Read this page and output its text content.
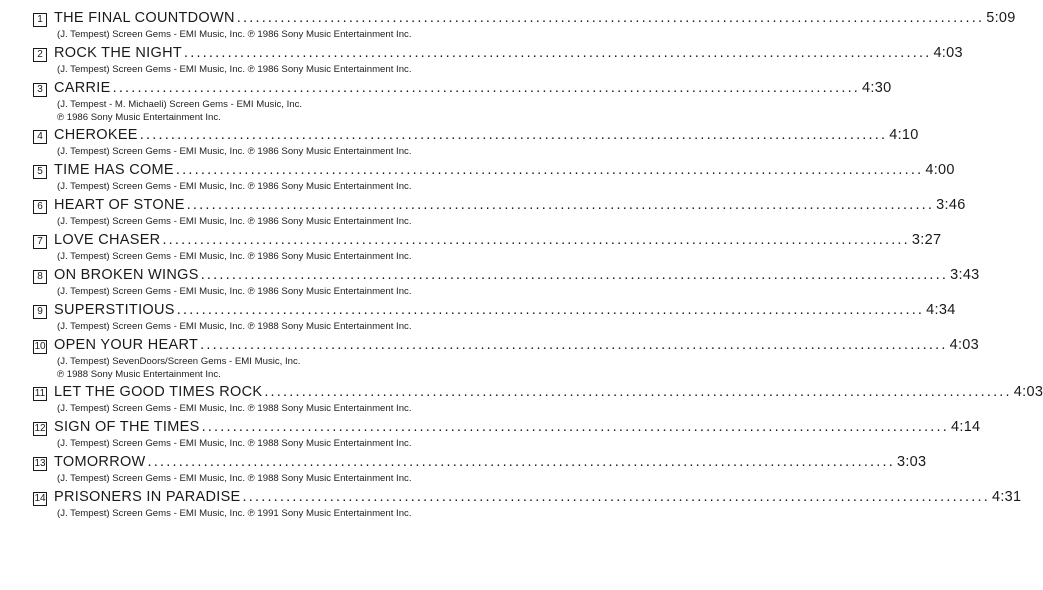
1 THE FINAL COUNTDOWN ........................................................................................................................ 5:09
(J. Tempest) Screen Gems - EMI Music, Inc. ℗ 1986 Sony Music Entertainment Inc.
2 ROCK THE NIGHT ........................................................................................................................ 4:03
(J. Tempest) Screen Gems - EMI Music, Inc. ℗ 1986 Sony Music Entertainment Inc.
3 CARRIE ........................................................................................................................ 4:30
(J. Tempest - M. Michaeli) Screen Gems - EMI Music, Inc.
℗ 1986 Sony Music Entertainment Inc.
4 CHEROKEE ........................................................................................................................ 4:10
(J. Tempest) Screen Gems - EMI Music, Inc. ℗ 1986 Sony Music Entertainment Inc.
5 TIME HAS COME ........................................................................................................................ 4:00
(J. Tempest) Screen Gems - EMI Music, Inc. ℗ 1986 Sony Music Entertainment Inc.
6 HEART OF STONE ........................................................................................................................ 3:46
(J. Tempest) Screen Gems - EMI Music, Inc. ℗ 1986 Sony Music Entertainment Inc.
7 LOVE CHASER ........................................................................................................................ 3:27
(J. Tempest) Screen Gems - EMI Music, Inc. ℗ 1986 Sony Music Entertainment Inc.
8 ON BROKEN WINGS ........................................................................................................................ 3:43
(J. Tempest) Screen Gems - EMI Music, Inc. ℗ 1986 Sony Music Entertainment Inc.
9 SUPERSTITIOUS ........................................................................................................................ 4:34
(J. Tempest) Screen Gems - EMI Music, Inc. ℗ 1988 Sony Music Entertainment Inc.
10 OPEN YOUR HEART ........................................................................................................................ 4:03
(J. Tempest) SevenDoors/Screen Gems - EMI Music, Inc.
℗ 1988 Sony Music Entertainment Inc.
11 LET THE GOOD TIMES ROCK ........................................................................................................................ 4:03
(J. Tempest) Screen Gems - EMI Music, Inc. ℗ 1988 Sony Music Entertainment Inc.
12 SIGN OF THE TIMES ........................................................................................................................ 4:14
(J. Tempest) Screen Gems - EMI Music, Inc. ℗ 1988 Sony Music Entertainment Inc.
13 TOMORROW ........................................................................................................................ 3:03
(J. Tempest) Screen Gems - EMI Music, Inc. ℗ 1988 Sony Music Entertainment Inc.
14 PRISONERS IN PARADISE ........................................................................................................................ 4:31
(J. Tempest) Screen Gems - EMI Music, Inc. ℗ 1991 Sony Music Entertainment Inc.
